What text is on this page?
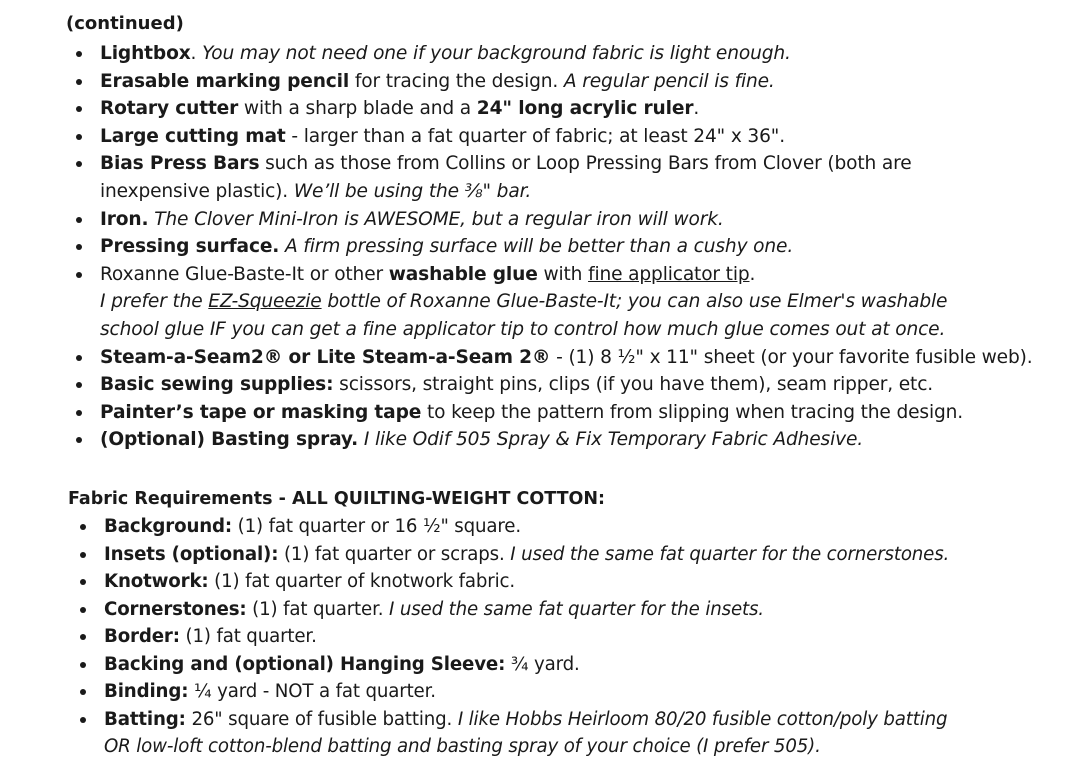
(continued)
Lightbox. You may not need one if your background fabric is light enough.
Erasable marking pencil for tracing the design. A regular pencil is fine.
Rotary cutter with a sharp blade and a 24" long acrylic ruler.
Large cutting mat - larger than a fat quarter of fabric; at least 24" x 36".
Bias Press Bars such as those from Collins or Loop Pressing Bars from Clover (both are
inexpensive plastic). We’ll be using the ⅜" bar.
Iron. The Clover Mini-Iron is AWESOME, but a regular iron will work.
Pressing surface. A firm pressing surface will be better than a cushy one.
Roxanne Glue-Baste-It or other washable glue with fine applicator tip.
I prefer the EZ-Squeezie bottle of Roxanne Glue-Baste-It; you can also use Elmer's washable
school glue IF you can get a fine applicator tip to control how much glue comes out at once.
Steam-a-Seam2® or Lite Steam-a-Seam 2® - (1) 8 ½" x 11" sheet (or your favorite fusible web).
Basic sewing supplies: scissors, straight pins, clips (if you have them), seam ripper, etc.
Painter’s tape or masking tape to keep the pattern from slipping when tracing the design.
(Optional) Basting spray. I like Odif 505 Spray & Fix Temporary Fabric Adhesive.
Fabric Requirements - ALL QUILTING-WEIGHT COTTON:
Background: (1) fat quarter or 16 ½" square.
Insets (optional): (1) fat quarter or scraps. I used the same fat quarter for the cornerstones.
Knotwork: (1) fat quarter of knotwork fabric.
Cornerstones: (1) fat quarter. I used the same fat quarter for the insets.
Border: (1) fat quarter.
Backing and (optional) Hanging Sleeve: ¾ yard.
Binding: ¼ yard - NOT a fat quarter.
Batting: 26" square of fusible batting. I like Hobbs Heirloom 80/20 fusible cotton/poly batting
OR low-loft cotton-blend batting and basting spray of your choice (I prefer 505).
